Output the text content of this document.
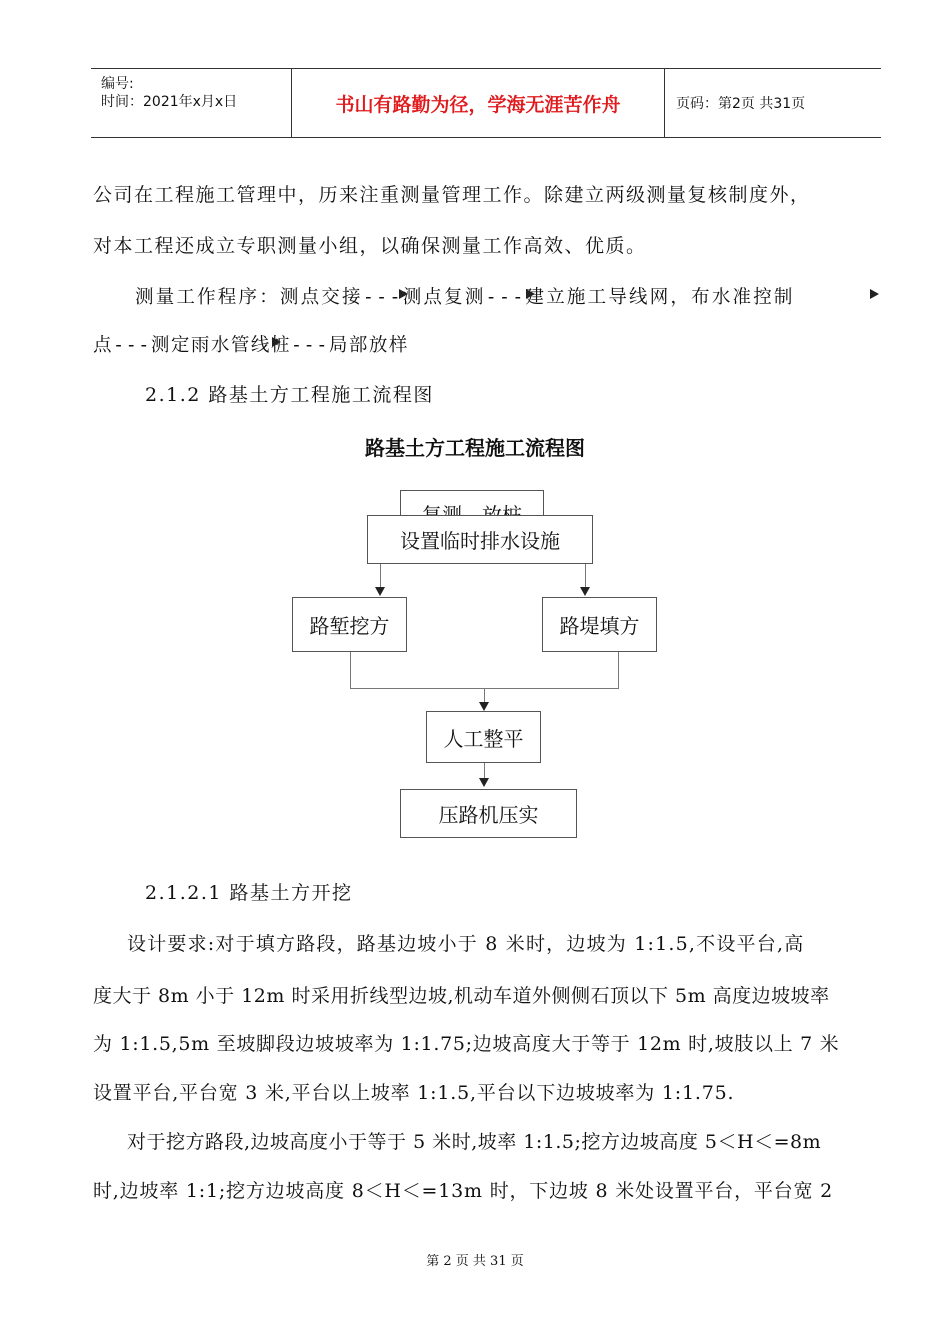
编号:
时间：2021年x月x日	书山有路勤为径，学海无涯苦作舟	页码：第2页 共31页
公司在工程施工管理中，历来注重测量管理工作。除建立两级测量复核制度外，
对本工程还成立专职测量小组，以确保测量工作高效、优质。
测量工作程序：测点交接---测点复测---建立施工导线网，布水准控制
点---测定雨水管线桩---局部放样
2.1.2 路基土方工程施工流程图
路基土方工程施工流程图
设置临时排水设施
路堑挖方	路堤填方
人工整平
压路机压实
2.1.2.1 路基土方开挖
设计要求:对于填方路段，路基边坡小于 8 米时，边坡为 1:1.5,不设平台,高
度大于 8m 小于 12m 时采用折线型边坡,机动车道外侧侧石顶以下 5m 高度边坡坡率
为 1:1.5,5m 至坡脚段边坡坡率为 1:1.75;边坡高度大于等于 12m 时,坡肢以上 7 米
设置平台,平台宽 3 米,平台以上坡率 1:1.5,平台以下边坡坡率为 1:1.75.
对于挖方路段,边坡高度小于等于 5 米时,坡率 1:1.5;挖方边坡高度 5＜H＜=8m
时,边坡率 1:1;挖方边坡高度 8＜H＜=13m 时，下边坡 8 米处设置平台，平台宽 2
第 2 页 共 31 页
